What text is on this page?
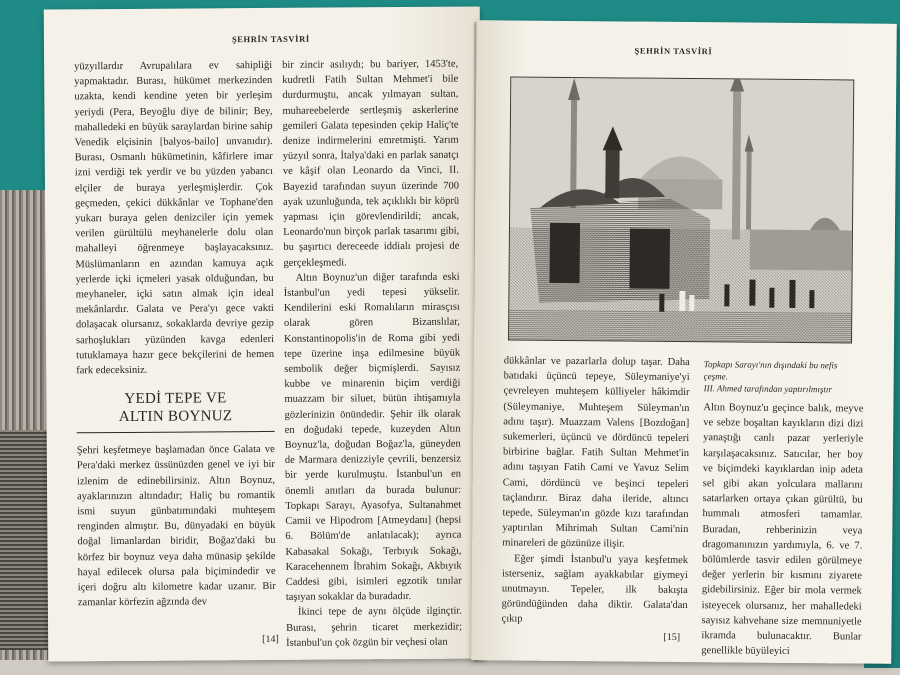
ŞEHRİN TASVİRİ

yüzyıllardır Avrupalılara ev sahipliği yapmaktadır. Burası, hükümet merkezinden uzakta, kendi kendine yeten bir yerleşim yeriydi (Pera, Beyoğlu diye de bilinir; Bey, mahalledeki en büyük saraylardan birine sahip Venedik elçisinin [balyos-bailo] unvanıdır). Burası, Osmanlı hükümetinin, kâfirlere imar izni verdiği tek yerdir ve bu yüzden yabancı elçiler de buraya yerleşmişlerdir. Çok geçmeden, çekici dükkânlar ve Tophane'den yukarı buraya gelen denizciler için yemek verilen gürültülü meyhanelerle dolu olan mahalleyi öğrenmeye başlayacaksınız. Müslümanların en azından kamuya açık yerlerde içki içmeleri yasak olduğundan, bu meyhaneler, içki satın almak için ideal mekânlardır. Galata ve Pera'yı gece vakti dolaşacak olursanız, sokaklarda devriye gezip sarhoşlukları yüzünden kavga edenleri tutuklamaya hazır gece bekçilerini de hemen fark edeceksiniz.

YEDİ TEPE VE
ALTIN BOYNUZ

Şehri keşfetmeye başlamadan önce Galata ve Pera'daki merkez üssünüzden genel ve iyi bir izlenim de edinebilirsiniz. Altın Boynuz, ayaklarınızın altındadır; Haliç bu romantik ismi suyun günbatımındaki muhteşem renginden almıştır. Bu, dünyadaki en büyük doğal limanlardan biridir, Boğaz'daki bu körfez bir boynuz veya daha münasip şekilde hayal edilecek olursa pala biçimindedir ve içeri doğru altı kilometre kadar uzanır. Bir zamanlar körfezin ağzında dev

bir zincir asılıydı; bu bariyer, 1453'te, kudretli Fatih Sultan Mehmet'i bile durdurmuştu, ancak yılmayan sultan, muhareebelerde sertleşmiş askerlerine gemileri Galata tepesinden çekip Haliç'te denize indirmelerini emretmişti. Yarım yüzyıl sonra, İtalya'daki en parlak sanatçı ve kâşif olan Leonardo da Vinci, II. Bayezid tarafından suyun üzerinde 700 ayak uzunluğunda, tek açıklıklı bir köprü yapması için görevlendirildi; ancak, Leonardo'nun birçok parlak tasarımı gibi, bu şaşırtıcı dereceede iddialı projesi de gerçekleşmedi.

Altın Boynuz'un diğer tarafında eski İstanbul'un yedi tepesi yükselir. Kendilerini eski Romalıların mirasçısı olarak gören Bizanslılar, Konstantinopolis'in de Roma gibi yedi tepe üzerine inşa edilmesine büyük sembolik değer biçmişlerdi. Sayısız kubbe ve minarenin biçim verdiği muazzam bir siluet, bütün ihtişamıyla gözlerinizin önündedir. Şehir ilk olarak en doğudaki tepede, kuzeyden Altın Boynuz'la, doğudan Boğaz'la, güneyden de Marmara denizziyle çevrili, benzersiz bir yerde kurulmuştu. İstanbul'un en önemli anıtları da burada bulunur: Topkapı Sarayı, Ayasofya, Sultanahmet Camii ve Hipodrom [Atmeydanı] (hepsi 6. Bölüm'de anlatılacak); ayrıca Kabasakal Sokağı, Terbıyık Sokağı, Karacehennem İbrahim Sokağı, Akbıyık Caddesi gibi, isimleri egzotik tınılar taşıyan sokaklar da buradadır.

İkinci tepe de aynı ölçüde ilginçtir. Burası, şehrin ticaret merkezidir; İstanbul'un çok özgün bir veçhesi olan

[14]
ŞEHRİN TASVİRİ

dükkânlar ve pazarlarla dolup taşar. Daha batıdaki üçüncü tepeye, Süleymaniye'yi çevreleyen muhteşem külliyeler hâkimdir (Süleymaniye, Muhteşem Süleyman'ın adını taşır). Muazzam Valens [Bozdoğan] sukemerleri, üçüncü ve dördüncü tepeleri birbirine bağlar. Fatih Sultan Mehmet'in adını taşıyan Fatih Cami ve Yavuz Selim Cami, dördüncü ve beşinci tepeleri taçlandırır. Biraz daha ileride, altıncı tepede, Süleyman'ın gözde kızı tarafından yaptırılan Mihrimah Sultan Cami'nin minareleri de gözünüze ilişir.

Eğer şimdi İstanbul'u yaya keşfetmek isterseniz, sağlam ayakkabılar giymeyi unutmayın. Tepeler, ilk bakışta göründüğünden daha diktir. Galata'dan çıkıp

Topkapı Sarayı'nın dışındaki bu nefis çeşme.
III. Ahmed tarafından yaptırılmıştır

Altın Boynuz'u geçince balık, meyve ve sebze boşaltan kayıkların dizi dizi yanaştığı canlı pazar yerleriyle karşılaşacaksınız. Satıcılar, her boy ve biçimdeki kayıklardan inip adeta sel gibi akan yolculara mallarını satarlarken ortaya çıkan gürültü, bu hummalı atmosferi tamamlar. Buradan, rehberinizin veya dragomanınızın yardımıyla, 6. ve 7. bölümlerde tasvir edilen görülmeye değer yerlerin bir kısmını ziyarete gidebilirsiniz. Eğer bir mola vermek isteyecek olursanız, her mahalledeki sayısız kahvehane size memnuniyetle ikramda bulunacaktır. Bunlar genellikle büyüleyici

[15]
